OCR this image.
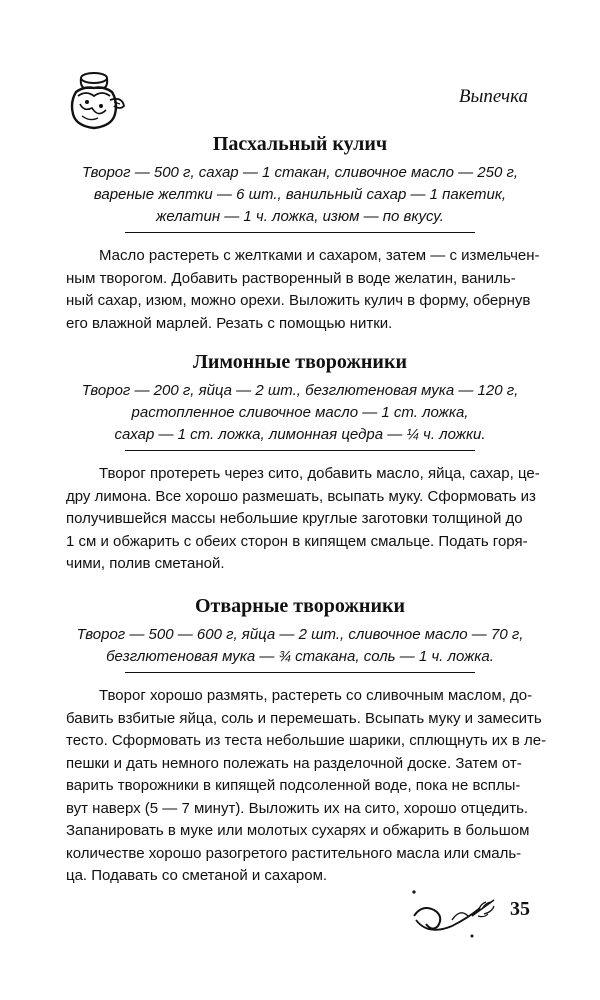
Выпечка
Пасхальный кулич
Творог — 500 г, сахар — 1 стакан, сливочное масло — 250 г,
вареные желтки — 6 шт., ванильный сахар — 1 пакетик,
желатин — 1 ч. ложка, изюм — по вкусу.
Масло растереть с желтками и сахаром, затем — с измельчен-
ным творогом. Добавить растворенный в воде желатин, ваниль-
ный сахар, изюм, можно орехи. Выложить кулич в форму, обернув
его влажной марлей. Резать с помощью нитки.
Лимонные творожники
Творог — 200 г, яйца — 2 шт., безглютеновая мука — 120 г,
растопленное сливочное масло — 1 ст. ложка,
сахар — 1 ст. ложка, лимонная цедра — ¼ ч. ложки.
Творог протереть через сито, добавить масло, яйца, сахар, це-
дру лимона. Все хорошо размешать, всыпать муку. Сформовать из
получившейся массы небольшие круглые заготовки толщиной до
1 см и обжарить с обеих сторон в кипящем смальце. Подать горя-
чими, полив сметаной.
Отварные творожники
Творог — 500 — 600 г, яйца — 2 шт., сливочное масло — 70 г,
безглютеновая мука — ¾ стакана, соль — 1 ч. ложка.
Творог хорошо размять, растереть со сливочным маслом, до-
бавить взбитые яйца, соль и перемешать. Всыпать муку и замесить
тесто. Сформовать из теста небольшие шарики, сплющнуть их в ле-
пешки и дать немного полежать на разделочной доске. Затем от-
варить творожники в кипящей подсоленной воде, пока не всплы-
вут наверх (5 — 7 минут). Выложить их на сито, хорошо отцедить.
Запанировать в муке или молотых сухарях и обжарить в большом
количестве хорошо разогретого растительного масла или смаль-
ца. Подавать со сметаной и сахаром.
35
